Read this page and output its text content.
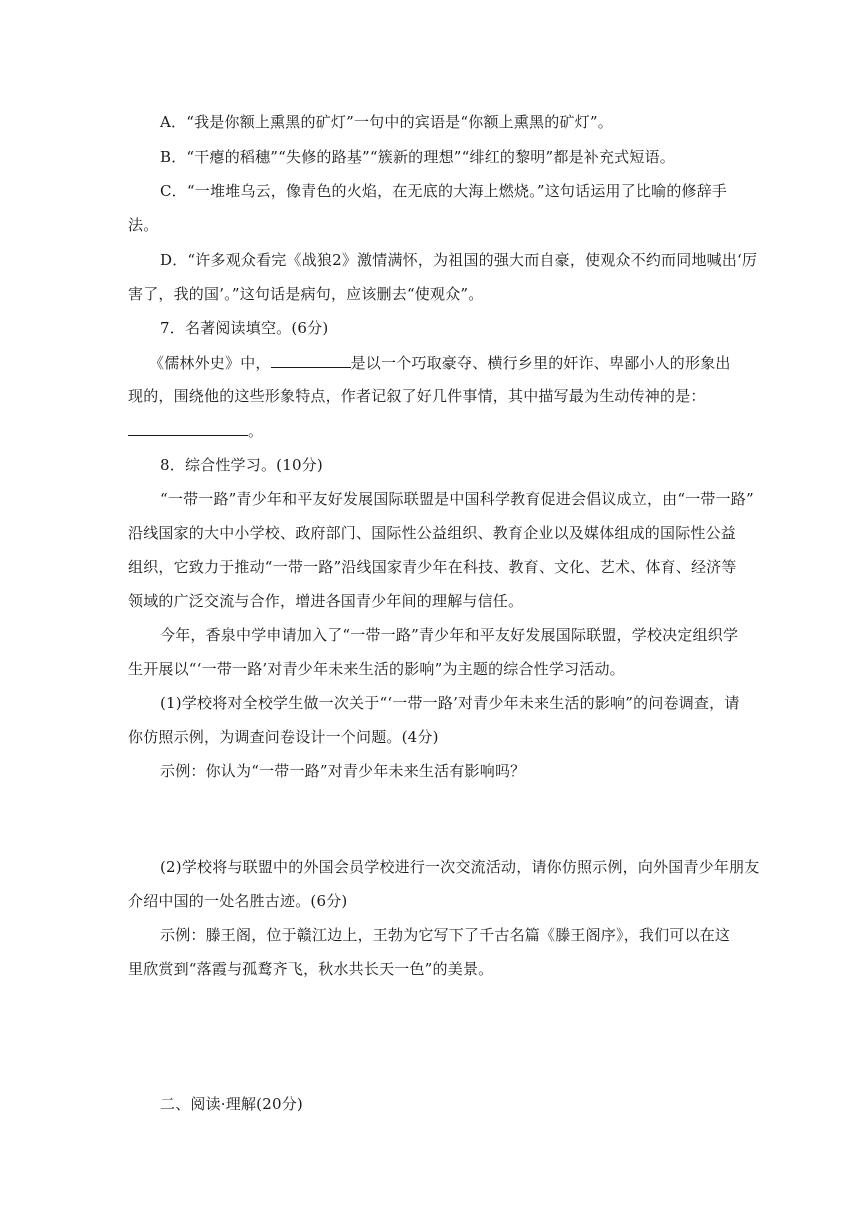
A．“我是你额上熏黑的矿灯”一句中的宾语是“你额上熏黑的矿灯”。
B．“干瘪的稻穗”“失修的路基”“簇新的理想”“绯红的黎明”都是补充式短语。
C．“一堆堆乌云，像青色的火焰，在无底的大海上燃烧。”这句话运用了比喻的修辞手
法。
D．“许多观众看完《战狼2》激情满怀，为祖国的强大而自豪，使观众不约而同地喊出‘厉
害了，我的国’。”这句话是病句，应该删去“使观众”。
7．名著阅读填空。(6分)
《儒林外史》中，	是以一个巧取豪夺、横行乡里的奸诈、卑鄙小人的形象出
现的，围绕他的这些形象特点，作者记叙了好几件事情，其中描写最为生动传神的是：
。
8．综合性学习。(10分)
“一带一路”青少年和平友好发展国际联盟是中国科学教育促进会倡议成立，由“一带一路”
沿线国家的大中小学校、政府部门、国际性公益组织、教育企业以及媒体组成的国际性公益
组织，它致力于推动“一带一路”沿线国家青少年在科技、教育、文化、艺术、体育、经济等
领域的广泛交流与合作，增进各国青少年间的理解与信任。
今年，香泉中学申请加入了“一带一路”青少年和平友好发展国际联盟，学校决定组织学
生开展以“‘一带一路’对青少年未来生活的影响”为主题的综合性学习活动。
(1)学校将对全校学生做一次关于“‘一带一路’对青少年未来生活的影响”的问卷调查，请
你仿照示例，为调查问卷设计一个问题。(4分)
示例：你认为“一带一路”对青少年未来生活有影响吗？
(2)学校将与联盟中的外国会员学校进行一次交流活动，请你仿照示例，向外国青少年朋友
介绍中国的一处名胜古迹。(6分)
示例：滕王阁，位于赣江边上，王勃为它写下了千古名篇《滕王阁序》，我们可以在这
里欣赏到“落霞与孤鹜齐飞，秋水共长天一色”的美景。
二、阅读·理解(20分)
